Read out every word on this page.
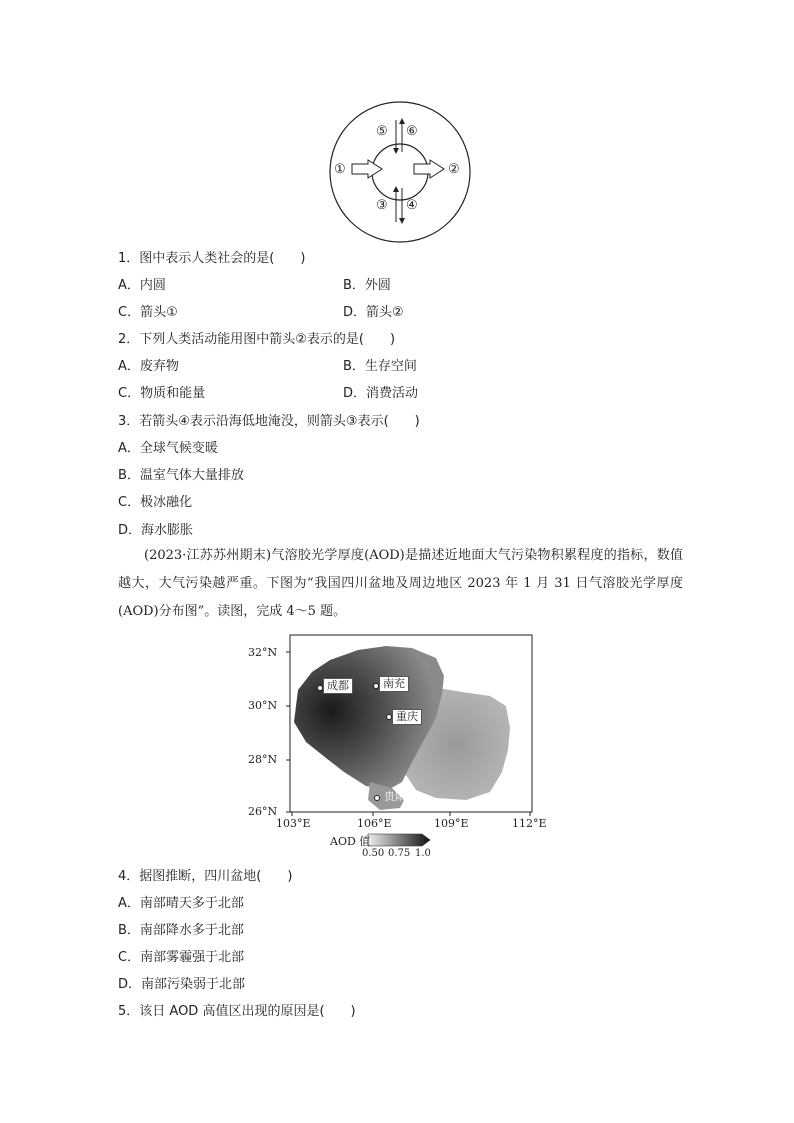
①	②
③ ④
⑤ ⑥
1．图中表示人类社会的是(　　)
A．内圆	B．外圆
C．箭头①	D．箭头②
2．下列人类活动能用图中箭头②表示的是(　　)
A．废弃物	B．生存空间
C．物质和能量	D．消费活动
3．若箭头④表示沿海低地淹没，则箭头③表示(　　)
A．全球气候变暖
B．温室气体大量排放
C．极冰融化
D．海水膨胀
(2023·江苏苏州期末)气溶胶光学厚度(AOD)是描述近地面大气污染物积累程度的指标，数值越大，大气污染越严重。下图为“我国四川盆地及周边地区 2023 年 1 月 31 日气溶胶光学厚度(AOD)分布图”。读图，完成 4～5 题。
32°N
30°N
28°N
26°N
103°E	106°E	109°E	112°E
成都	南充
重庆
贵阳
AOD 值
0.50 0.75 1.0
4．据图推断，四川盆地(　　)
A．南部晴天多于北部
B．南部降水多于北部
C．南部雾霾强于北部
D．南部污染弱于北部
5．该日 AOD 高值区出现的原因是(　　)
